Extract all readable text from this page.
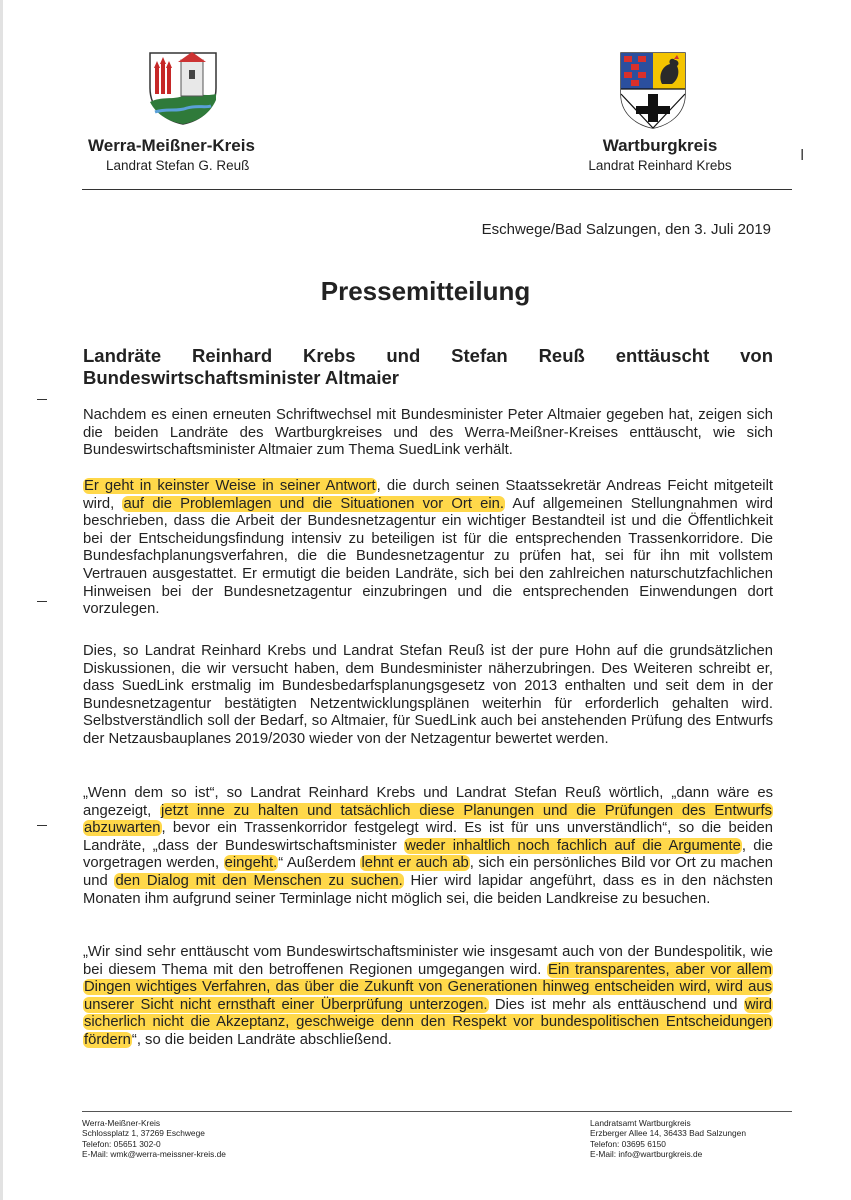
Werra-Meißner-Kreis
Landrat Stefan G. Reuß
Wartburgkreis
Landrat Reinhard Krebs
Ⅰ
Eschwege/Bad Salzungen, den 3. Juli 2019
Pressemitteilung
Landräte Reinhard Krebs und Stefan Reuß enttäuscht von Bundeswirtschaftsminister Altmaier
Nachdem es einen erneuten Schriftwechsel mit Bundesminister Peter Altmaier gegeben hat, zeigen sich die beiden Landräte des Wartburgkreises und des Werra-Meißner-Kreises enttäuscht, wie sich Bundeswirtschaftsminister Altmaier zum Thema SuedLink verhält.
Er geht in keinster Weise in seiner Antwort, die durch seinen Staatssekretär Andreas Feicht mitgeteilt wird, auf die Problemlagen und die Situationen vor Ort ein. Auf allgemeinen Stellungnahmen wird beschrieben, dass die Arbeit der Bundesnetzagentur ein wichtiger Bestandteil ist und die Öffentlichkeit bei der Entscheidungsfindung intensiv zu beteiligen ist für die entsprechenden Trassenkorridore. Die Bundesfachplanungsverfahren, die die Bundesnetzagentur zu prüfen hat, sei für ihn mit vollstem Vertrauen ausgestattet. Er ermutigt die beiden Landräte, sich bei den zahlreichen naturschutzfachlichen Hinweisen bei der Bundesnetzagentur einzubringen und die entsprechenden Einwendungen dort vorzulegen.
Dies, so Landrat Reinhard Krebs und Landrat Stefan Reuß ist der pure Hohn auf die grundsätzlichen Diskussionen, die wir versucht haben, dem Bundesminister näherzubringen. Des Weiteren schreibt er, dass SuedLink erstmalig im Bundesbedarfsplanungsgesetz von 2013 enthalten und seit dem in der Bundesnetzagentur bestätigten Netzentwicklungsplänen weiterhin für erforderlich gehalten wird. Selbstverständlich soll der Bedarf, so Altmaier, für SuedLink auch bei anstehenden Prüfung des Entwurfs der Netzausbauplanes 2019/2030 wieder von der Netzagentur bewertet werden.
„Wenn dem so ist“, so Landrat Reinhard Krebs und Landrat Stefan Reuß wörtlich, „dann wäre es angezeigt, jetzt inne zu halten und tatsächlich diese Planungen und die Prüfungen des Entwurfs abzuwarten, bevor ein Trassenkorridor festgelegt wird. Es ist für uns unverständlich“, so die beiden Landräte, „dass der Bundeswirtschaftsminister weder inhaltlich noch fachlich auf die Argumente, die vorgetragen werden, eingeht.“ Außerdem lehnt er auch ab, sich ein persönliches Bild vor Ort zu machen und den Dialog mit den Menschen zu suchen. Hier wird lapidar angeführt, dass es in den nächsten Monaten ihm aufgrund seiner Terminlage nicht möglich sei, die beiden Landkreise zu besuchen.
„Wir sind sehr enttäuscht vom Bundeswirtschaftsminister wie insgesamt auch von der Bundespolitik, wie bei diesem Thema mit den betroffenen Regionen umgegangen wird. Ein transparentes, aber vor allem Dingen wichtiges Verfahren, das über die Zukunft von Generationen hinweg entscheiden wird, wird aus unserer Sicht nicht ernsthaft einer Überprüfung unterzogen. Dies ist mehr als enttäuschend und wird sicherlich nicht die Akzeptanz, geschweige denn den Respekt vor bundespolitischen Entscheidungen fördern“, so die beiden Landräte abschließend.
Werra-Meißner-Kreis
Schlossplatz 1, 37269 Eschwege
Telefon: 05651 302-0
E-Mail: wmk@werra-meissner-kreis.de
Landratsamt Wartburgkreis
Erzberger Allee 14, 36433 Bad Salzungen
Telefon: 03695 6150
E-Mail: info@wartburgkreis.de
